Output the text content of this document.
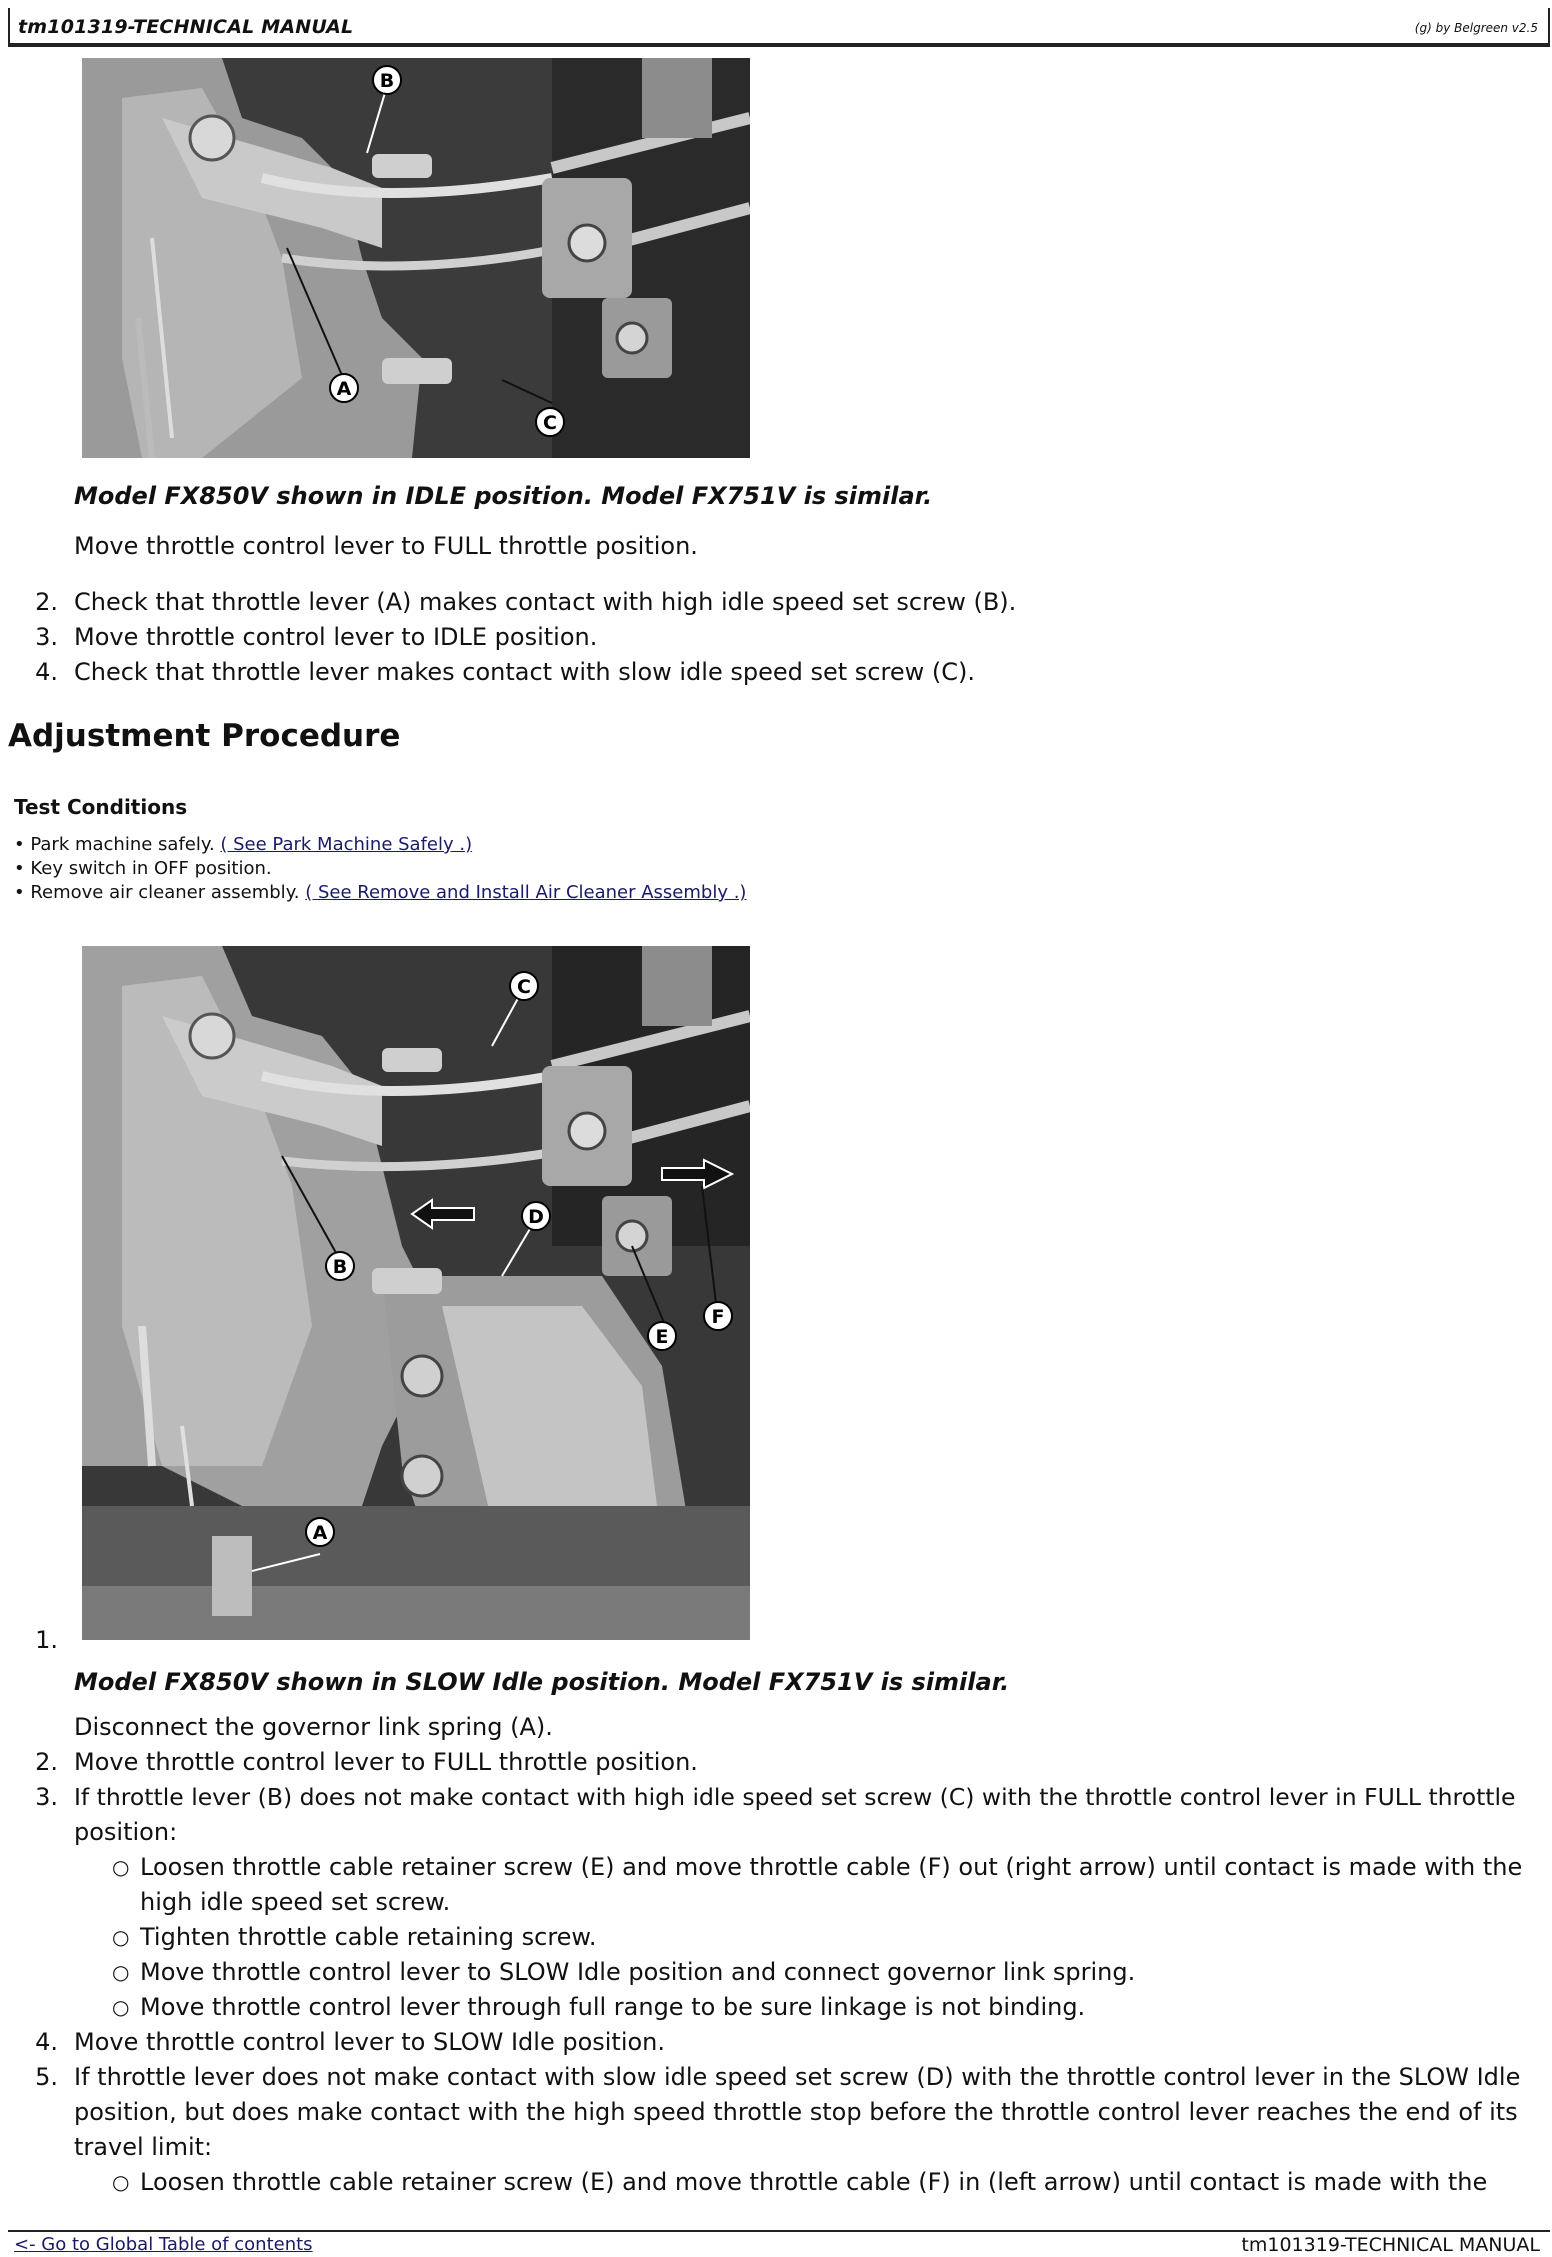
tm101319-TECHNICAL MANUAL	(g) by Belgreen v2.5
B
A
C
Model FX850V shown in IDLE position. Model FX751V is similar.
Move throttle control lever to FULL throttle position.
2. Check that throttle lever (A) makes contact with high idle speed set screw (B).
3. Move throttle control lever to IDLE position.
4. Check that throttle lever makes contact with slow idle speed set screw (C).
Adjustment Procedure
Test Conditions
• Park machine safely. ( See Park Machine Safely .)
• Key switch in OFF position.
• Remove air cleaner assembly. ( See Remove and Install Air Cleaner Assembly .)
C
D
B
E
F
A
1.
Model FX850V shown in SLOW Idle position. Model FX751V is similar.
Disconnect the governor link spring (A).
2. Move throttle control lever to FULL throttle position.
3. If throttle lever (B) does not make contact with high idle speed set screw (C) with the throttle control lever in FULL throttle
position:
○ Loosen throttle cable retainer screw (E) and move throttle cable (F) out (right arrow) until contact is made with the
high idle speed set screw.
○ Tighten throttle cable retaining screw.
○ Move throttle control lever to SLOW Idle position and connect governor link spring.
○ Move throttle control lever through full range to be sure linkage is not binding.
4. Move throttle control lever to SLOW Idle position.
5. If throttle lever does not make contact with slow idle speed set screw (D) with the throttle control lever in the SLOW Idle
position, but does make contact with the high speed throttle stop before the throttle control lever reaches the end of its
travel limit:
○ Loosen throttle cable retainer screw (E) and move throttle cable (F) in (left arrow) until contact is made with the
<- Go to Global Table of contents	tm101319-TECHNICAL MANUAL
